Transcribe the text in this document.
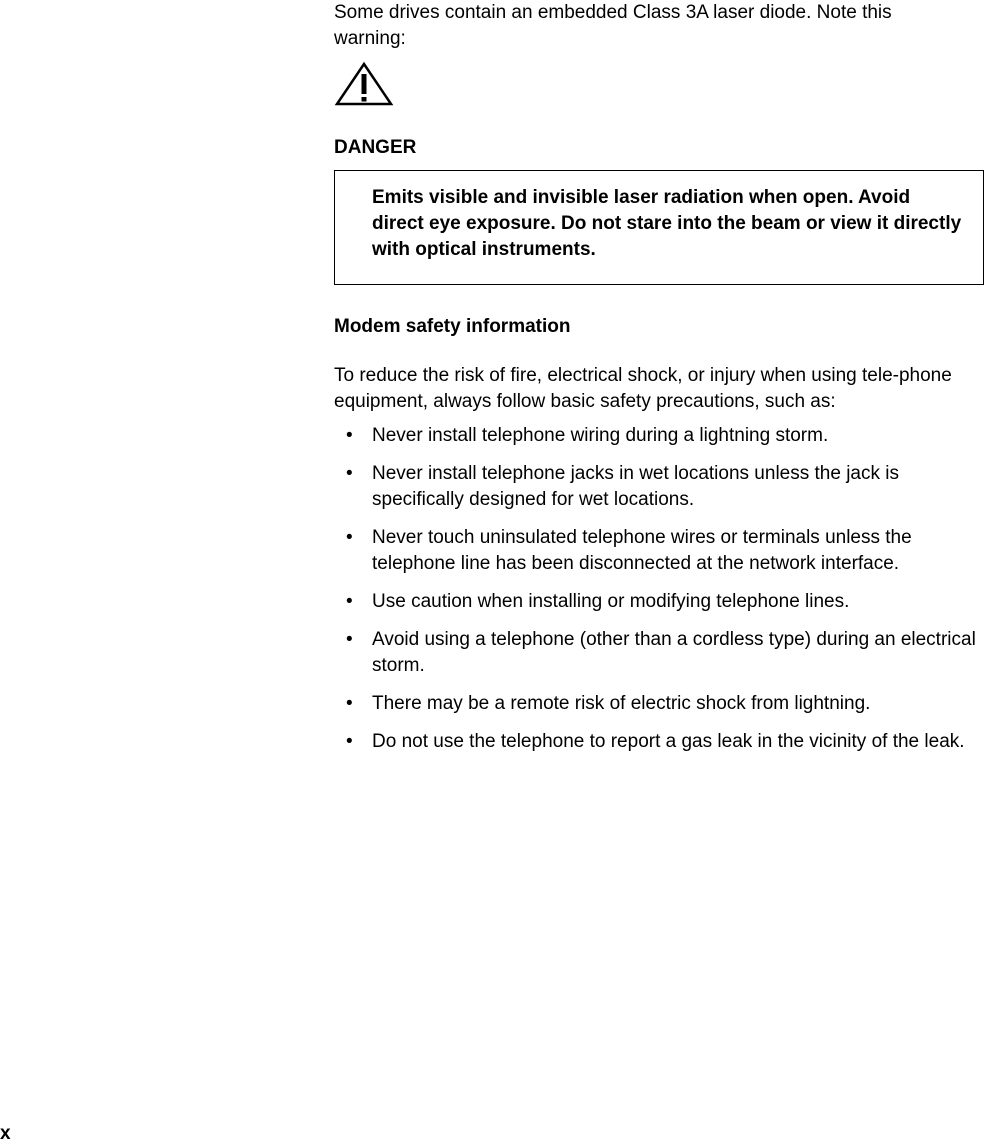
Some drives contain an embedded Class 3A laser diode. Note this warning:

DANGER

Emits visible and invisible laser radiation when open. Avoid direct eye exposure. Do not stare into the beam or view it directly with optical instruments.

Modem safety information

To reduce the risk of fire, electrical shock, or injury when using tele-phone equipment, always follow basic safety precautions, such as:

• Never install telephone wiring during a lightning storm.
• Never install telephone jacks in wet locations unless the jack is specifically designed for wet locations.
• Never touch uninsulated telephone wires or terminals unless the telephone line has been disconnected at the network interface.
• Use caution when installing or modifying telephone lines.
• Avoid using a telephone (other than a cordless type) during an electrical storm.
• There may be a remote risk of electric shock from lightning.
• Do not use the telephone to report a gas leak in the vicinity of the leak.
x
